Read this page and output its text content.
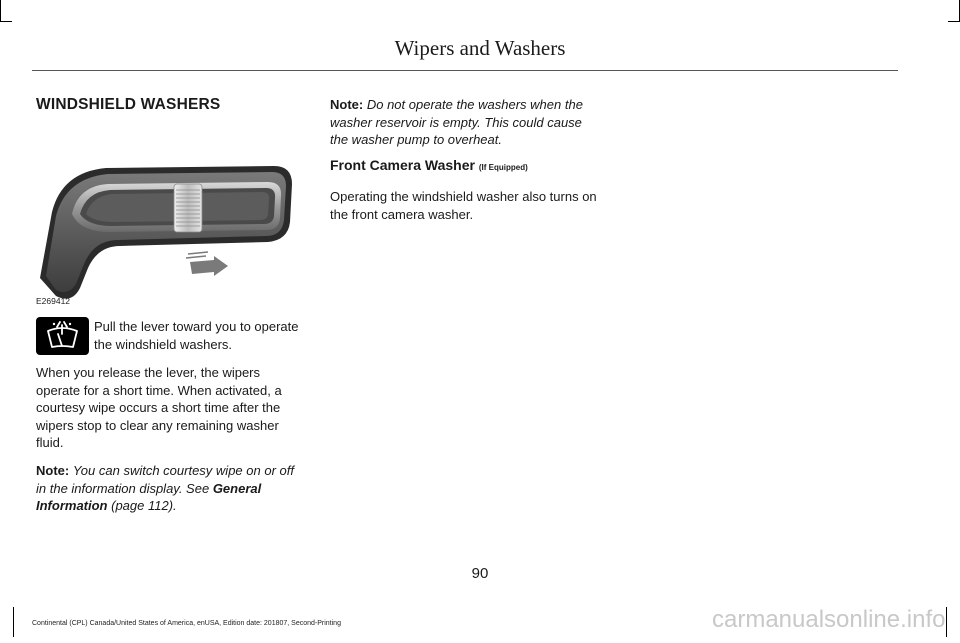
Wipers and Washers
WINDSHIELD WASHERS
E269412
Pull the lever toward you to operate the windshield washers.

When you release the lever, the wipers operate for a short time. When activated, a courtesy wipe occurs a short time after the wipers stop to clear any remaining washer fluid.

Note: You can switch courtesy wipe on or off in the information display. See General Information (page 112).

Note: Do not operate the washers when the washer reservoir is empty. This could cause the washer pump to overheat.

Front Camera Washer (If Equipped)

Operating the windshield washer also turns on the front camera washer.

90
Continental (CPL) Canada/United States of America, enUSA, Edition date: 201807, Second-Printing	carmanualsonline.info
